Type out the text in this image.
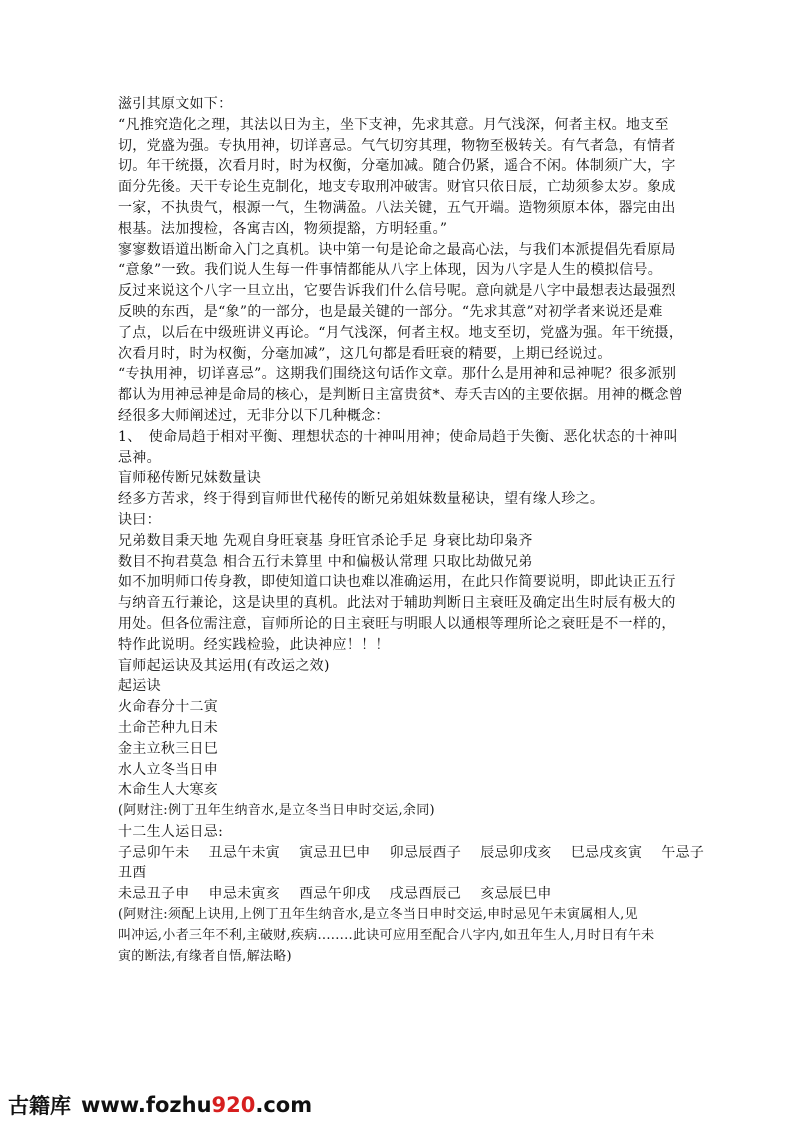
滋引其原文如下：

“凡推究造化之理，其法以日为主，坐下支神，先求其意。月气浅深，何者主权。地支至

切，党盛为强。专执用神，切详喜忌。气气切穷其理，物物至极转关。有气者急，有情者

切。年干统摄，次看月时，时为权衡，分毫加减。随合仍紧，遥合不闲。体制须广大，字

面分先後。天干专论生克制化，地支专取刑冲破害。财官只依日辰，亡劫须参太岁。象成

一家，不执贵气，根源一气，生物满盈。八法关键，五气开端。造物须原本体，器完由出

根基。法加搜检，各寓吉凶，物须提豁，方明轻重。”

寥寥数语道出断命入门之真机。诀中第一句是论命之最高心法，与我们本派提倡先看原局

“意象”一致。我们说人生每一件事情都能从八字上体现，因为八字是人生的模拟信号。

反过来说这个八字一旦立出，它要告诉我们什么信号呢。意向就是八字中最想表达最强烈

反映的东西，是“象”的一部分，也是最关键的一部分。“先求其意”对初学者来说还是难

了点，以后在中级班讲义再论。“月气浅深，何者主权。地支至切，党盛为强。年干统摄，

次看月时，时为权衡，分毫加减”，这几句都是看旺衰的精要，上期已经说过。

“专执用神，切详喜忌”。这期我们围绕这句话作文章。那什么是用神和忌神呢？很多派别

都认为用神忌神是命局的核心，是判断日主富贵贫*、寿夭吉凶的主要依据。用神的概念曾

经很多大师阐述过，无非分以下几种概念：

1、　使命局趋于相对平衡、理想状态的十神叫用神；使命局趋于失衡、恶化状态的十神叫

忌神。

盲师秘传断兄妹数量诀

经多方苦求，终于得到盲师世代秘传的断兄弟姐妹数量秘诀，望有缘人珍之。

诀曰：

兄弟数目秉天地 先观自身旺衰基 身旺官杀论手足 身衰比劫印枭齐

数目不拘君莫急 相合五行未算里 中和偏极认常理 只取比劫做兄弟

如不加明师口传身教，即使知道口诀也难以准确运用，在此只作简要说明，即此诀正五行

与纳音五行兼论，这是诀里的真机。此法对于辅助判断日主衰旺及确定出生时辰有极大的

用处。但各位需注意，盲师所论的日主衰旺与明眼人以通根等理所论之衰旺是不一样的，

特作此说明。经实践检验，此诀神应！！！

盲师起运诀及其运用(有改运之效)

起运诀

火命春分十二寅

土命芒种九日未

金主立秋三日巳

水人立冬当日申

木命生人大寒亥

(阿财注:例丁丑年生纳音水,是立冬当日申时交运,余同)

十二生人运日忌:

子忌卯午未　 丑忌午未寅　 寅忌丑巳申　 卯忌辰酉子　 辰忌卯戌亥　 巳忌戌亥寅　 午忌子

丑酉

未忌丑子申　 申忌未寅亥　 酉忌午卯戌　 戌忌酉辰己　 亥忌辰巳申

(阿财注:须配上诀用,上例丁丑年生纳音水,是立冬当日申时交运,申时忌见午未寅属相人,见

叫冲运,小者三年不利,主破财,疾病........此诀可应用至配合八字内,如丑年生人,月时日有午未

寅的断法,有缘者自悟,解法略)

古籍库 www.fozhu 920 .com
